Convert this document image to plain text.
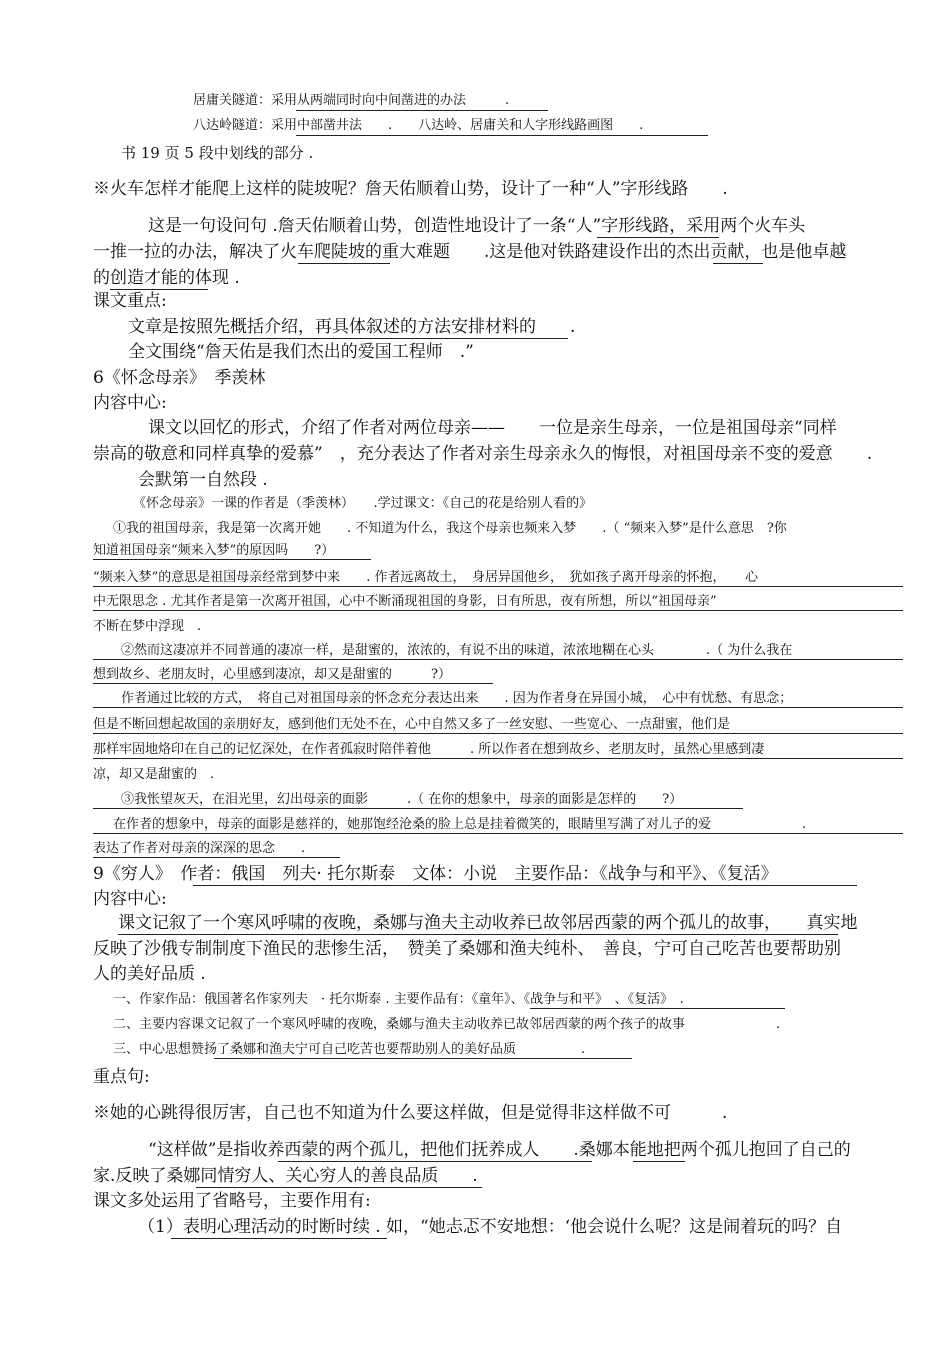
居庸关隧道：采用从两端同时向中间凿进的办法　　　.
八达岭隧道：采用中部凿井法　　.　　八达岭、居庸关和人字形线路画图　　.
书 19 页 5 段中划线的部分 .
※火车怎样才能爬上这样的陡坡呢？詹天佑顺着山势，设计了一种“人”字形线路　　.
这是一句设问句 .詹天佑顺着山势，创造性地设计了一条“人”字形线路，采用两个火车头
一推一拉的办法，解决了火车爬陡坡的重大难题　　.这是他对铁路建设作出的杰出贡献，也是他卓越
的创造才能的体现 .
课文重点:
文章是按照先概括介绍，再具体叙述的方法安排材料的　　.
全文围绕“詹天佑是我们杰出的爱国工程师　.”
6《怀念母亲》　季羡林
内容中心:
课文以回忆的形式，介绍了作者对两位母亲——　　一位是亲生母亲，一位是祖国母亲“同样
崇高的敬意和同样真挚的爱慕”　，充分表达了作者对亲生母亲永久的悔恨，对祖国母亲不变的爱意　　.
会默第一自然段 .
《怀念母亲》一课的作者是（季羡林）　　.学过课文：《自己的花是给别人看的》
①我的祖国母亲，我是第一次离开她　　. 不知道为什么，我这个母亲也频来入梦　　.（ “频来入梦”是什么意思　?你
知道祖国母亲“频来入梦”的原因吗　　?）
“频来入梦”的意思是祖国母亲经常到梦中来　　. 作者远离故土，　身居异国他乡，　犹如孩子离开母亲的怀抱，　　心
中无限思念 . 尤其作者是第一次离开祖国，心中不断涌现祖国的身影，日有所思，夜有所想，所以“祖国母亲”
不断在梦中浮现　.
②然而这凄凉并不同普通的凄凉一样，是甜蜜的，浓浓的，有说不出的味道，浓浓地糊在心头　　　　.（ 为什么我在
想到故乡、老朋友时，心里感到凄凉，却又是甜蜜的　　　?）
作者通过比较的方式，　将自己对祖国母亲的怀念充分表达出来　　. 因为作者身在异国小城，　心中有忧愁、有思念；
但是不断回想起故国的亲朋好友，感到他们无处不在，心中自然又多了一丝安慰、一些宽心、一点甜蜜，他们是
那样牢固地烙印在自己的记忆深处，在作者孤寂时陪伴着他　　　. 所以作者在想到故乡、老朋友时，虽然心里感到凄
凉，却又是甜蜜的　.
③我怅望灰天，在泪光里，幻出母亲的面影　　　.（ 在你的想象中，母亲的面影是怎样的　　?）
在作者的想象中，母亲的面影是慈祥的，她那饱经沧桑的脸上总是挂着微笑的，眼睛里写满了对儿子的爱　　　　　　　.
表达了作者对母亲的深深的思念　　.
9《穷人》　作者：俄国　列夫· 托尔斯泰　文体：小说　主要作品：《战争与和平》、《复活》
内容中心:
课文记叙了一个寒风呼啸的夜晚，桑娜与渔夫主动收养已故邻居西蒙的两个孤儿的故事，　　真实地
反映了沙俄专制制度下渔民的悲惨生活，　赞美了桑娜和渔夫纯朴、　善良，宁可自己吃苦也要帮助别
人的美好品质 .
一、作家作品：俄国著名作家列夫　· 托尔斯泰 . 主要作品有：《童年》、《战争与和平》　、《复活》　.
二、主要内容课文记叙了一个寒风呼啸的夜晚，桑娜与渔夫主动收养已故邻居西蒙的两个孩子的故事　　　　　　　.
三、中心思想赞扬了桑娜和渔夫宁可自己吃苦也要帮助别人的美好品质　　　　　.
重点句:
※她的心跳得很厉害，自己也不知道为什么要这样做，但是觉得非这样做不可　　　.
“这样做”是指收养西蒙的两个孤儿，把他们抚养成人　　.桑娜本能地把两个孤儿抱回了自己的
家.反映了桑娜同情穷人、关心穷人的善良品质　　.
课文多处运用了省略号，主要作用有:
（1）表明心理活动的时断时续 . 如，“她忐忑不安地想：‘他会说什么呢？这是闹着玩的吗？自
